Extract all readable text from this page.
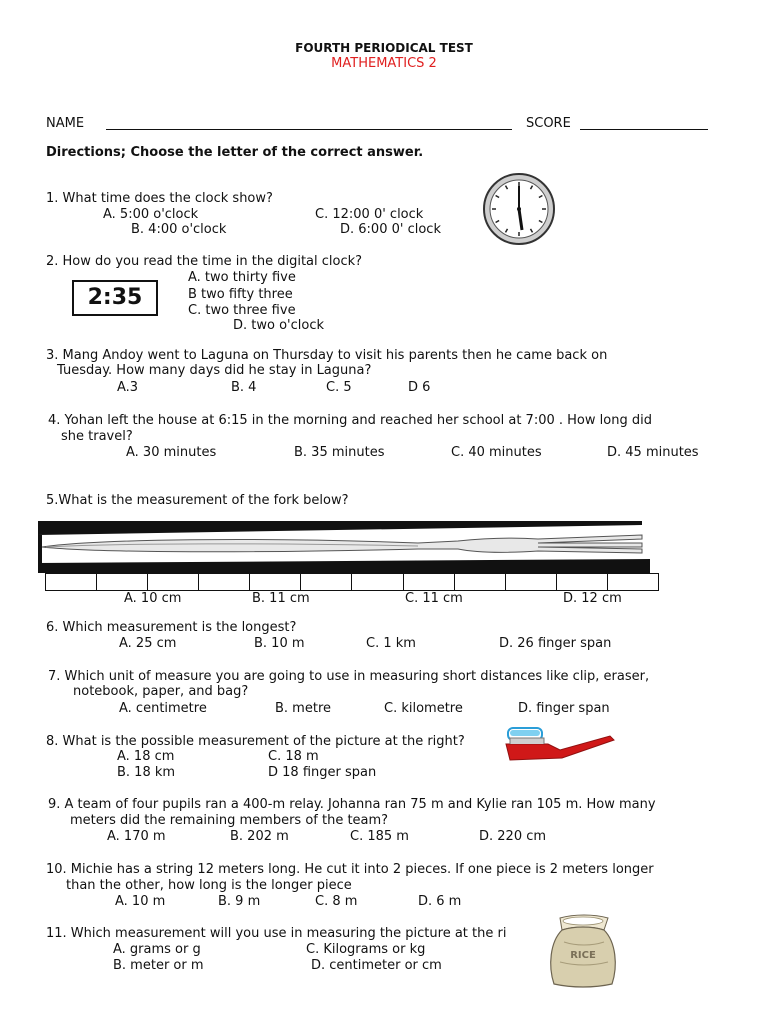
FOURTH PERIODICAL TEST
MATHEMATICS 2
NAME	SCORE
Directions; Choose the letter of the correct answer.
1. What time does the clock show?
A. 5:00 o'clock	C. 12:00 0' clock
B. 4:00 o'clock	D. 6:00 0' clock
2. How do you read the time in the digital clock?
2:35
A. two thirty five
B two fifty three
C. two three five
D. two o'clock
3. Mang Andoy went to Laguna on Thursday to visit his parents then he came back on
Tuesday. How many days did he stay in Laguna?
A.3	B. 4	C. 5	D 6
4. Yohan left the house at 6:15 in the morning and reached her school at 7:00 . How long did
she travel?
A. 30 minutes	B. 35 minutes	C. 40 minutes	D. 45 minutes
5.What is the measurement of the fork below?
A. 10 cm	B. 11 cm	C. 11 cm	D. 12 cm
6. Which measurement is the longest?
A. 25 cm	B. 10 m	C. 1 km	D. 26 finger span
7. Which unit of measure you are going to use in measuring short distances like clip, eraser,
notebook, paper, and bag?
A. centimetre	B. metre	C. kilometre	D. finger span
8. What is the possible measurement of the picture at the right?
A. 18 cm	C. 18 m
B. 18 km	D 18 finger span
9. A team of four pupils ran a 400-m relay. Johanna ran 75 m and Kylie ran 105 m. How many
meters did the remaining members of the team?
A. 170 m	B. 202 m	C. 185 m	D. 220 cm
10. Michie has a string 12 meters long. He cut it into 2 pieces. If one piece is 2 meters longer
than the other, how long is the longer piece
A. 10 m	B. 9 m	C. 8 m	D. 6 m
11. Which measurement will you use in measuring the picture at the ri
A. grams or g	C. Kilograms or kg
B. meter or m	D. centimeter or cm
RICE
